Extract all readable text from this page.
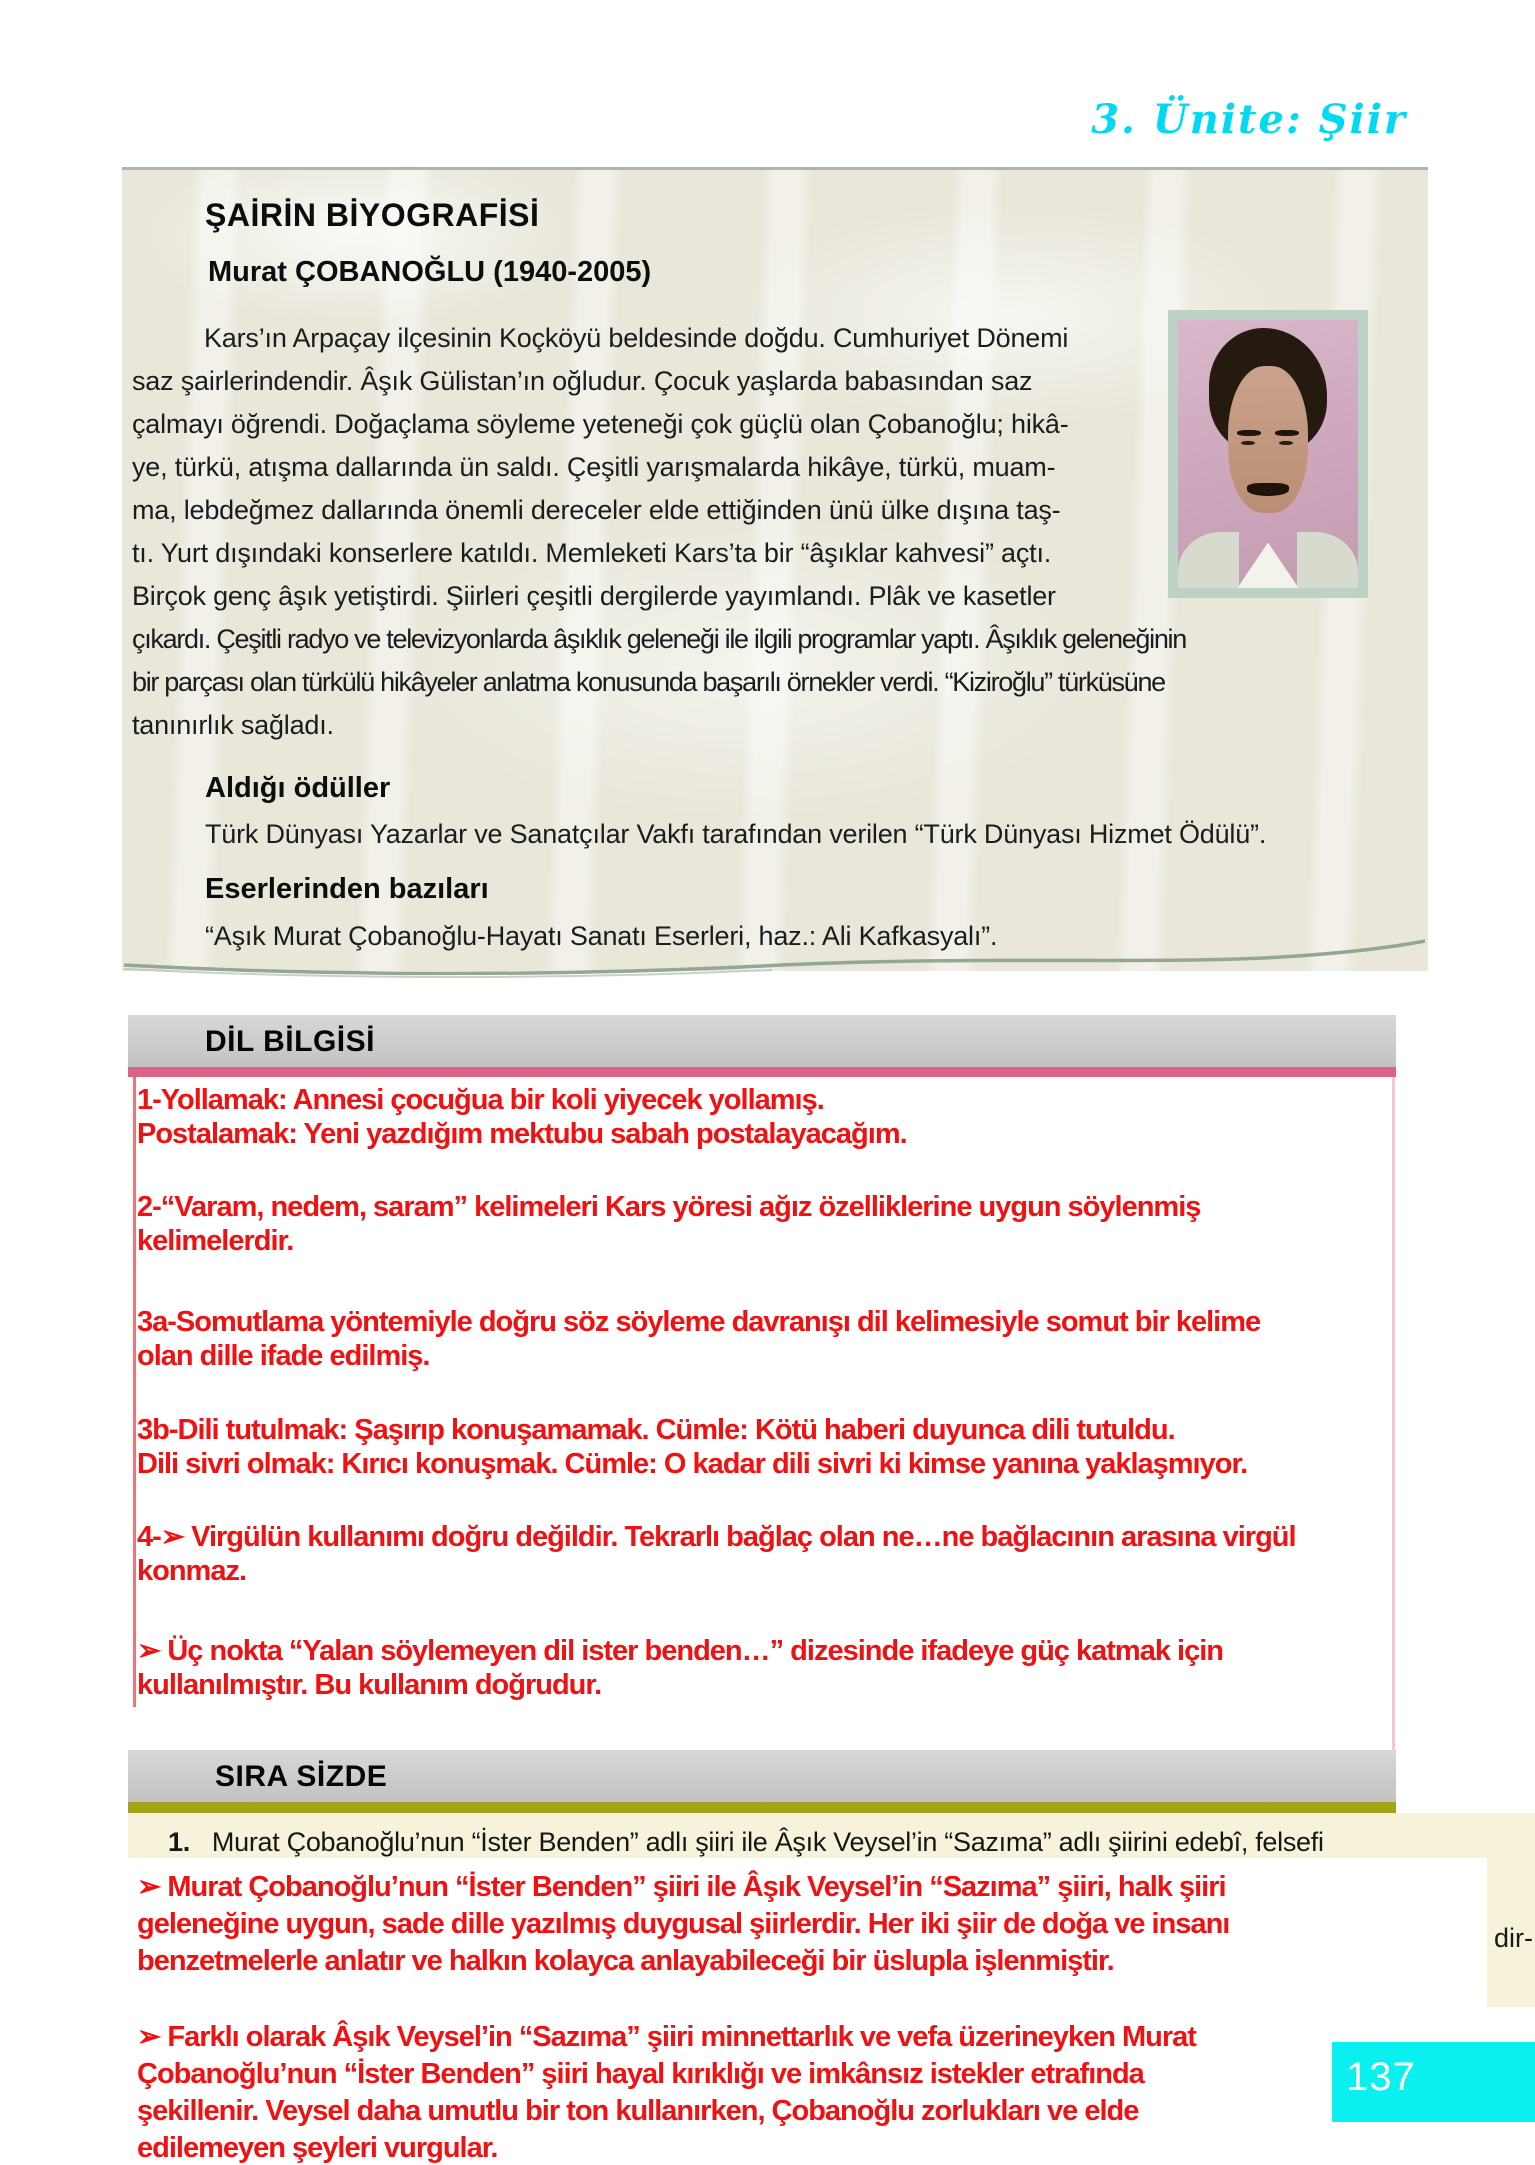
3. Ünite: Şiir
ŞAİRİN BİYOGRAFİSİ
Murat ÇOBANOĞLU (1940-2005)
Kars’ın Arpaçay ilçesinin Koçköyü beldesinde doğdu. Cumhuriyet Dönemi
saz şairlerindendir. Âşık Gülistan’ın oğludur. Çocuk yaşlarda babasından saz
çalmayı öğrendi. Doğaçlama söyleme yeteneği çok güçlü olan Çobanoğlu; hikâ-
ye, türkü, atışma dallarında ün saldı. Çeşitli yarışmalarda hikâye, türkü, muam-
ma, lebdeğmez dallarında önemli dereceler elde ettiğinden ünü ülke dışına taş-
tı. Yurt dışındaki konserlere katıldı. Memleketi Kars’ta bir “âşıklar kahvesi” açtı.
Birçok genç âşık yetiştirdi. Şiirleri çeşitli dergilerde yayımlandı. Plâk ve kasetler
çıkardı. Çeşitli radyo ve televizyonlarda âşıklık geleneği ile ilgili programlar yaptı. Âşıklık geleneğinin
bir parçası olan türkülü hikâyeler anlatma konusunda başarılı örnekler verdi. “Kiziroğlu” türküsüne
tanınırlık sağladı.
Aldığı ödüller
Türk Dünyası Yazarlar ve Sanatçılar Vakfı tarafından verilen “Türk Dünyası Hizmet Ödülü”.
Eserlerinden bazıları
“Aşık Murat Çobanoğlu-Hayatı Sanatı Eserleri, haz.: Ali Kafkasyalı”.
DİL BİLGİSİ
1-Yollamak: Annesi çocuğua bir koli yiyecek yollamış.
Postalamak: Yeni yazdığım mektubu sabah postalayacağım.
2-“Varam, nedem, saram” kelimeleri Kars yöresi ağız özelliklerine uygun söylenmiş
kelimelerdir.
3a-Somutlama yöntemiyle doğru söz söyleme davranışı dil kelimesiyle somut bir kelime
olan dille ifade edilmiş.
3b-Dili tutulmak: Şaşırıp konuşamamak. Cümle: Kötü haberi duyunca dili tutuldu.
Dili sivri olmak: Kırıcı konuşmak. Cümle: O kadar dili sivri ki kimse yanına yaklaşmıyor.
4-➢ Virgülün kullanımı doğru değildir. Tekrarlı bağlaç olan ne…ne bağlacının arasına virgül
konmaz.
➢ Üç nokta “Yalan söylemeyen dil ister benden…” dizesinde ifadeye güç katmak için
kullanılmıştır. Bu kullanım doğrudur.
SIRA SİZDE
1. Murat Çobanoğlu’nun “İster Benden” adlı şiiri ile Âşık Veysel’in “Sazıma” adlı şiirini edebî, felsefi
dir-
➢ Murat Çobanoğlu’nun “İster Benden” şiiri ile Âşık Veysel’in “Sazıma” şiiri, halk şiiri
geleneğine uygun, sade dille yazılmış duygusal şiirlerdir. Her iki şiir de doğa ve insanı
benzetmelerle anlatır ve halkın kolayca anlayabileceği bir üslupla işlenmiştir.
➢ Farklı olarak Âşık Veysel’in “Sazıma” şiiri minnettarlık ve vefa üzerineyken Murat
Çobanoğlu’nun “İster Benden” şiiri hayal kırıklığı ve imkânsız istekler etrafında
şekillenir. Veysel daha umutlu bir ton kullanırken, Çobanoğlu zorlukları ve elde
edilemeyen şeyleri vurgular.
137
